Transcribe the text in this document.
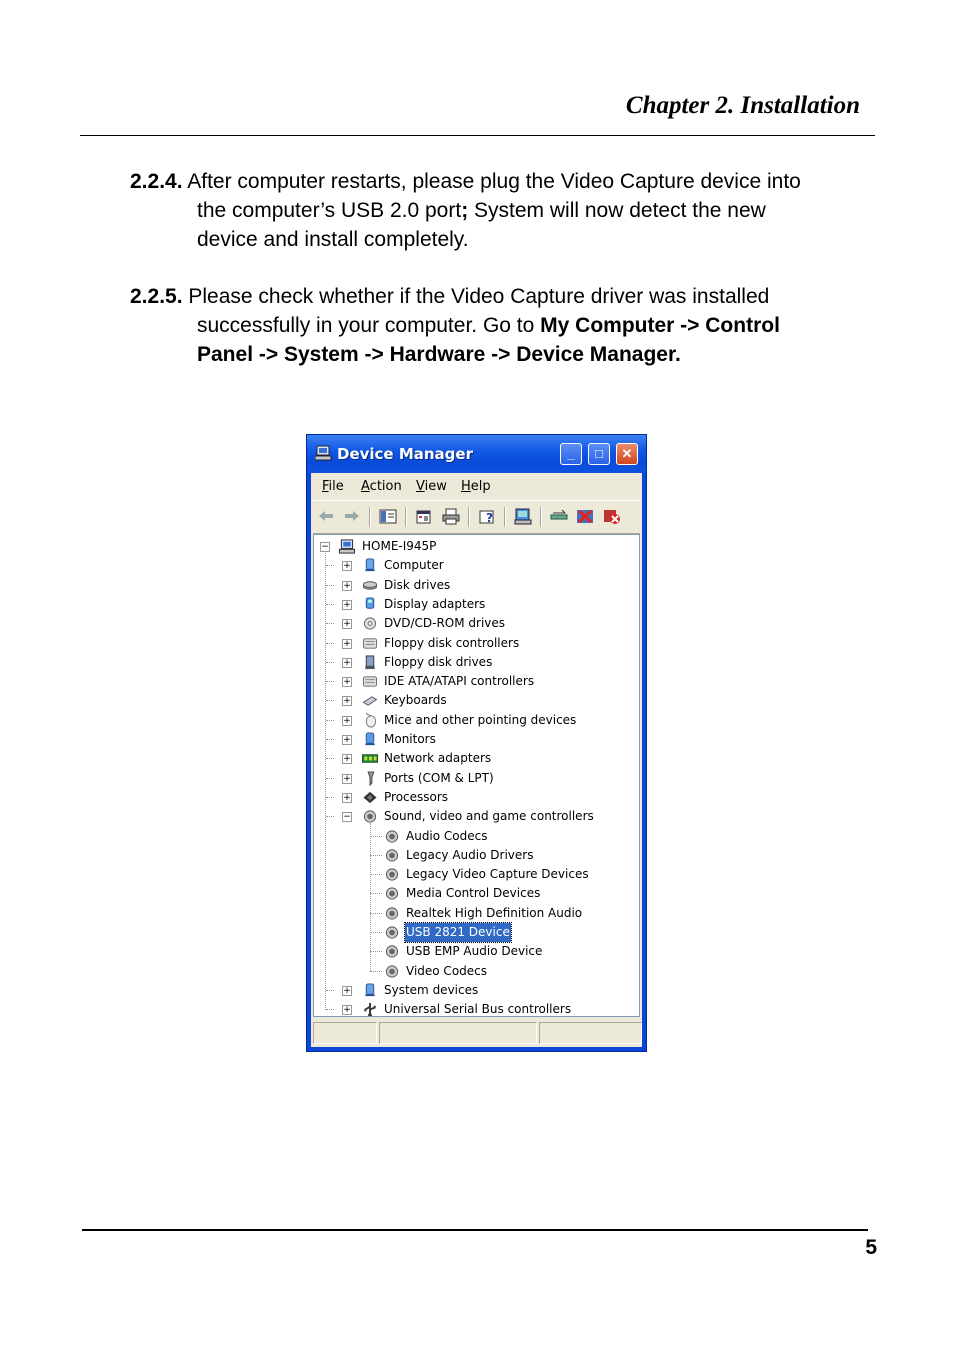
Chapter 2. Installation
2.2.4. After computer restarts, please plug the Video Capture device into
the computer’s USB 2.0 port; System will now detect the new
device and install completely.
2.2.5. Please check whether if the Video Capture driver was installed
successfully in your computer. Go to My Computer -> Control
Panel -> System -> Hardware -> Device Manager.
Device Manager	_	□	✕
File Action View Help
?
−	HOME-I945P
+	Computer
+	Disk drives
+	Display adapters
+	DVD/CD-ROM drives
+	Floppy disk controllers
+	Floppy disk drives
+	IDE ATA/ATAPI controllers
+	Keyboards
+	Mice and other pointing devices
+	Monitors
+	Network adapters
+	Ports (COM & LPT)
+	Processors
−	Sound, video and game controllers
Audio Codecs
Legacy Audio Drivers
Legacy Video Capture Devices
Media Control Devices
Realtek High Definition Audio
USB 2821 Device
USB EMP Audio Device
Video Codecs
+	System devices
+	Universal Serial Bus controllers
5
